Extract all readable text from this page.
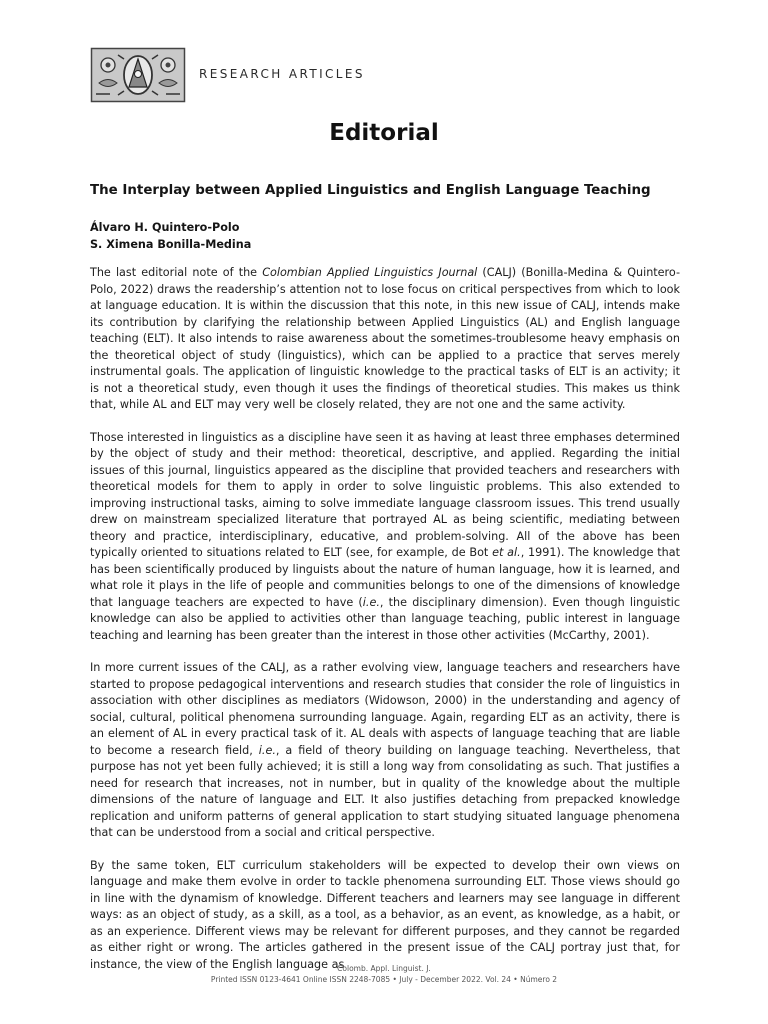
RESEARCH ARTICLES
Editorial
The Interplay between Applied Linguistics and English Language Teaching
Álvaro H. Quintero-Polo
S. Ximena Bonilla-Medina

The last editorial note of the Colombian Applied Linguistics Journal (CALJ) (Bonilla-Medina & Quintero-Polo, 2022) draws the readership’s attention not to lose focus on critical perspectives from which to look at language education. It is within the discussion that this note, in this new issue of CALJ, intends make its contribution by clarifying the relationship between Applied Linguistics (AL) and English language teaching (ELT). It also intends to raise awareness about the sometimes-troublesome heavy emphasis on the theoretical object of study (linguistics), which can be applied to a practice that serves merely instrumental goals. The application of linguistic knowledge to the practical tasks of ELT is an activity; it is not a theoretical study, even though it uses the findings of theoretical studies. This makes us think that, while AL and ELT may very well be closely related, they are not one and the same activity.

Those interested in linguistics as a discipline have seen it as having at least three emphases determined by the object of study and their method: theoretical, descriptive, and applied. Regarding the initial issues of this journal, linguistics appeared as the discipline that provided teachers and researchers with theoretical models for them to apply in order to solve linguistic problems. This also extended to improving instructional tasks, aiming to solve immediate language classroom issues. This trend usually drew on mainstream specialized literature that portrayed AL as being scientific, mediating between theory and practice, interdisciplinary, educative, and problem-solving. All of the above has been typically oriented to situations related to ELT (see, for example, de Bot et al., 1991). The knowledge that has been scientifically produced by linguists about the nature of human language, how it is learned, and what role it plays in the life of people and communities belongs to one of the dimensions of knowledge that language teachers are expected to have (i.e., the disciplinary dimension). Even though linguistic knowledge can also be applied to activities other than language teaching, public interest in language teaching and learning has been greater than the interest in those other activities (McCarthy, 2001).

In more current issues of the CALJ, as a rather evolving view, language teachers and researchers have started to propose pedagogical interventions and research studies that consider the role of linguistics in association with other disciplines as mediators (Widowson, 2000) in the understanding and agency of social, cultural, political phenomena surrounding language. Again, regarding ELT as an activity, there is an element of AL in every practical task of it. AL deals with aspects of language teaching that are liable to become a research field, i.e., a field of theory building on language teaching. Nevertheless, that purpose has not yet been fully achieved; it is still a long way from consolidating as such. That justifies a need for research that increases, not in number, but in quality of the knowledge about the multiple dimensions of the nature of language and ELT. It also justifies detaching from prepacked knowledge replication and uniform patterns of general application to start studying situated language phenomena that can be understood from a social and critical perspective.

By the same token, ELT curriculum stakeholders will be expected to develop their own views on language and make them evolve in order to tackle phenomena surrounding ELT. Those views should go in line with the dynamism of knowledge. Different teachers and learners may see language in different ways: as an object of study, as a skill, as a tool, as a behavior, as an event, as knowledge, as a habit, or as an experience. Different views may be relevant for different purposes, and they cannot be regarded as either right or wrong. The articles gathered in the present issue of the CALJ portray just that, for instance, the view of the English language as

Colomb. Appl. Linguist. J.
Printed ISSN 0123-4641 Online ISSN 2248-7085 • July - December 2022. Vol. 24 • Número 2
